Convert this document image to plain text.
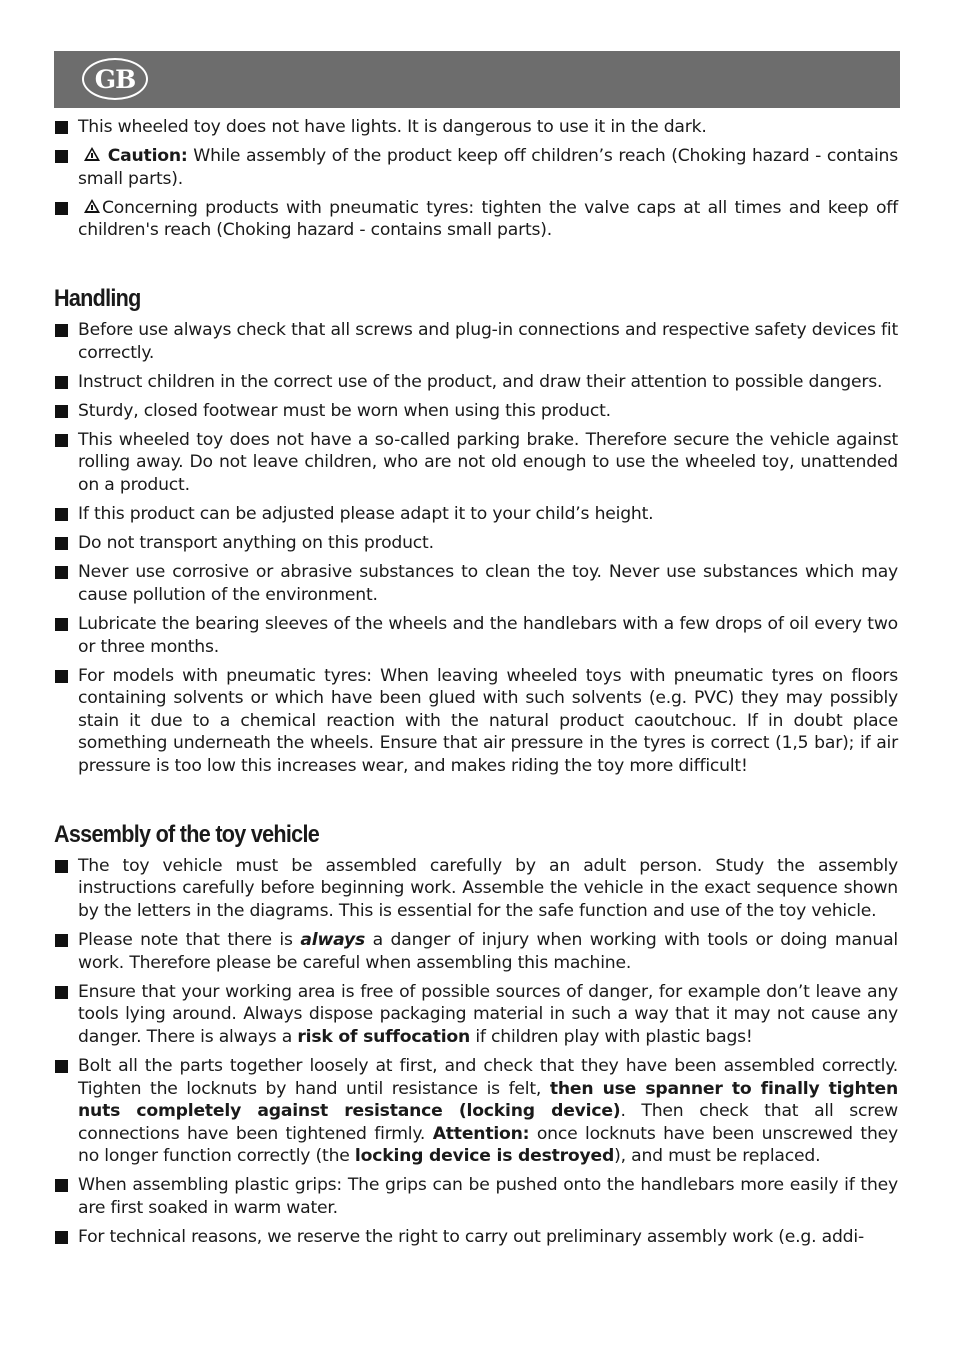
GB
This wheeled toy does not have lights. It is dangerous to use it in the dark.
Caution: While assembly of the product keep off children’s reach (Choking hazard - contains small parts).
Concerning products with pneumatic tyres: tighten the valve caps at all times and keep off children's reach (Choking hazard - contains small parts).
Handling
Before use always check that all screws and plug-in connections and respective safety devices fit correctly.
Instruct children in the correct use of the product, and draw their attention to possible dangers.
Sturdy, closed footwear must be worn when using this product.
This wheeled toy does not have a so-called parking brake. Therefore secure the vehicle against rolling away. Do not leave children, who are not old enough to use the wheeled toy, unattended on a product.
If this product can be adjusted please adapt it to your child’s height.
Do not transport anything on this product.
Never use corrosive or abrasive substances to clean the toy. Never use substances which may cause pollution of the environment.
Lubricate the bearing sleeves of the wheels and the handlebars with a few drops of oil every two or three months.
For models with pneumatic tyres: When leaving wheeled toys with pneumatic tyres on floors containing solvents or which have been glued with such solvents (e.g. PVC) they may possibly stain it due to a chemical reaction with the natural product caoutchouc. If in doubt place something underneath the wheels. Ensure that air pressure in the tyres is correct (1,5 bar); if air pressure is too low this increases wear, and makes riding the toy more difficult!
Assembly of the toy vehicle
The toy vehicle must be assembled carefully by an adult person. Study the assembly instructions carefully before beginning work. Assemble the vehicle in the exact sequence shown by the letters in the diagrams. This is essential for the safe function and use of the toy vehicle.
Please note that there is always a danger of injury when working with tools or doing manual work. Therefore please be careful when assembling this machine.
Ensure that your working area is free of possible sources of danger, for example don’t leave any tools lying around. Always dispose packaging material in such a way that it may not cause any danger. There is always a risk of suffocation if children play with plastic bags!
Bolt all the parts together loosely at first, and check that they have been assembled correctly. Tighten the locknuts by hand until resistance is felt, then use spanner to finally tighten nuts completely against resistance (locking device). Then check that all screw connections have been tightened firmly. Attention: once locknuts have been unscrewed they no longer function correctly (the locking device is destroyed), and must be replaced.
When assembling plastic grips: The grips can be pushed onto the handlebars more easily if they are first soaked in warm water.
For technical reasons, we reserve the right to carry out preliminary assembly work (e.g. addi-
